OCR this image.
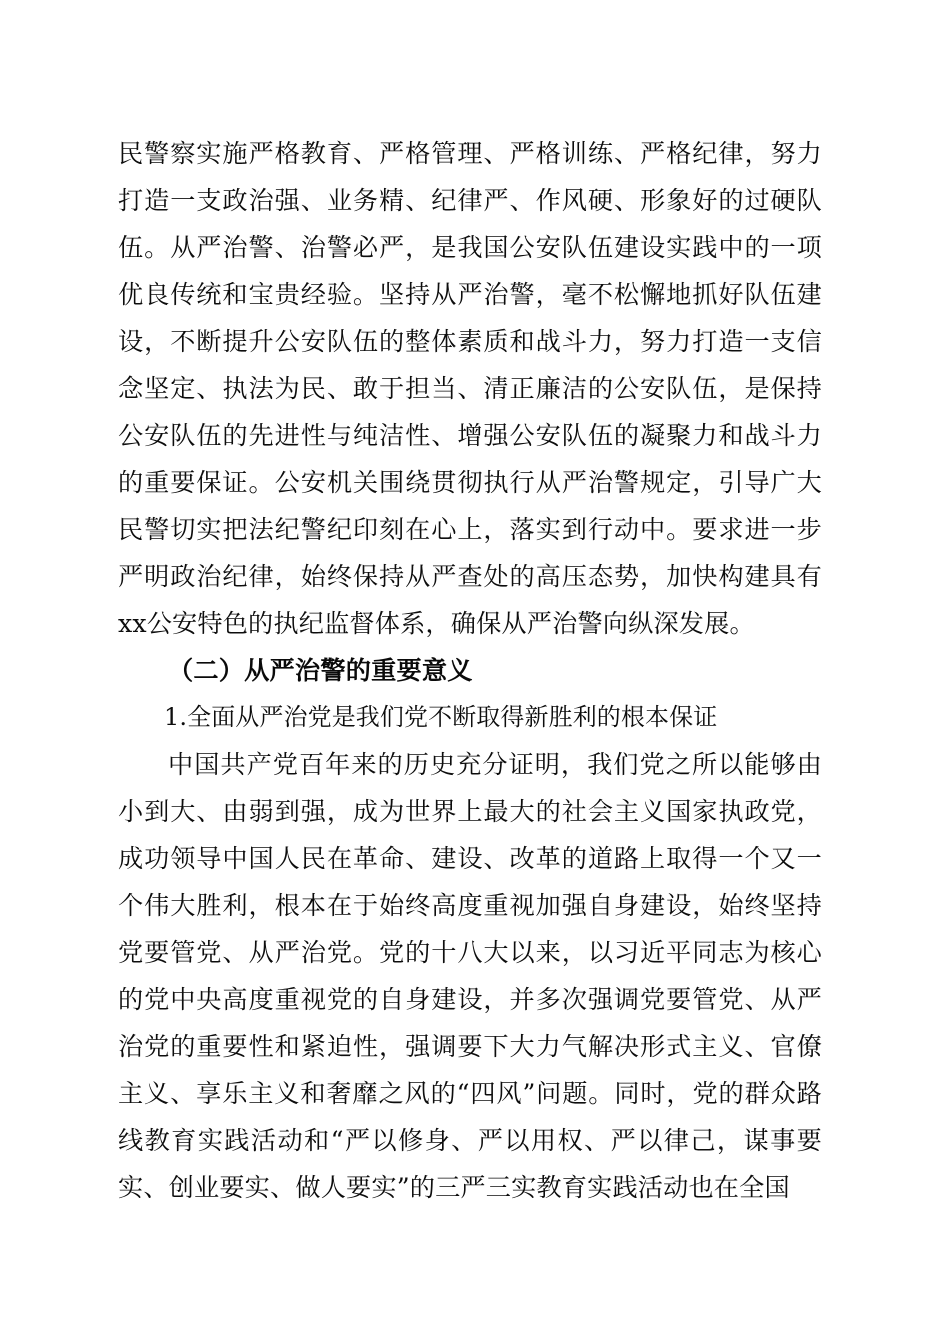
民警察实施严格教育、严格管理、严格训练、严格纪律，努力打造一支政治强、业务精、纪律严、作风硬、形象好的过硬队伍。从严治警、治警必严，是我国公安队伍建设实践中的一项优良传统和宝贵经验。坚持从严治警，毫不松懈地抓好队伍建设，不断提升公安队伍的整体素质和战斗力，努力打造一支信念坚定、执法为民、敢于担当、清正廉洁的公安队伍，是保持公安队伍的先进性与纯洁性、增强公安队伍的凝聚力和战斗力的重要保证。公安机关围绕贯彻执行从严治警规定，引导广大民警切实把法纪警纪印刻在心上，落实到行动中。要求进一步严明政治纪律，始终保持从严查处的高压态势，加快构建具有xx公安特色的执纪监督体系，确保从严治警向纵深发展。

（二）从严治警的重要意义

1.全面从严治党是我们党不断取得新胜利的根本保证

中国共产党百年来的历史充分证明，我们党之所以能够由小到大、由弱到强，成为世界上最大的社会主义国家执政党，成功领导中国人民在革命、建设、改革的道路上取得一个又一个伟大胜利，根本在于始终高度重视加强自身建设，始终坚持党要管党、从严治党。党的十八大以来，以习近平同志为核心的党中央高度重视党的自身建设，并多次强调党要管党、从严治党的重要性和紧迫性，强调要下大力气解决形式主义、官僚主义、享乐主义和奢靡之风的“四风”问题。同时，党的群众路线教育实践活动和“严以修身、严以用权、严以律己，谋事要实、创业要实、做人要实”的三严三实教育实践活动也在全国
